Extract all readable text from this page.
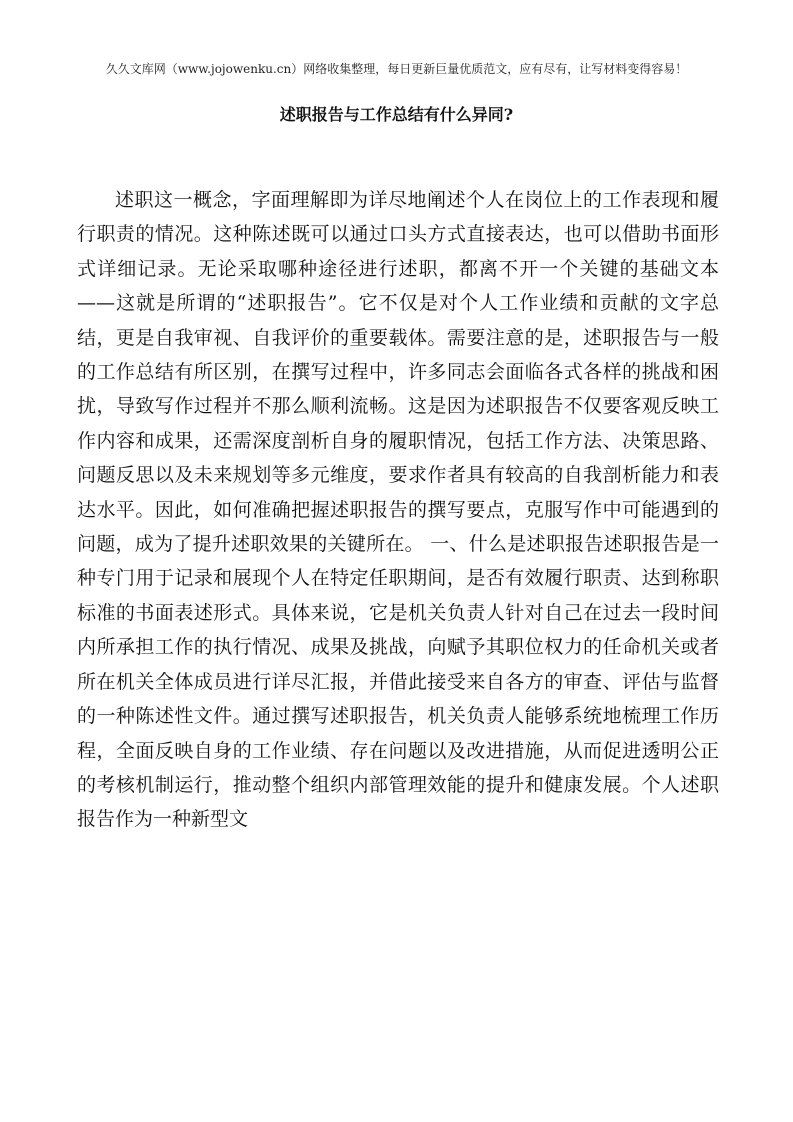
久久文库网（www.jojowenku.cn）网络收集整理，每日更新巨量优质范文，应有尽有，让写材料变得容易！
述职报告与工作总结有什么异同?

述职这一概念，字面理解即为详尽地阐述个人在岗位上的工作表现和履行职责的情况。这种陈述既可以通过口头方式直接表达，也可以借助书面形式详细记录。无论采取哪种途径进行述职，都离不开一个关键的基础文本——这就是所谓的“述职报告”。它不仅是对个人工作业绩和贡献的文字总结，更是自我审视、自我评价的重要载体。需要注意的是，述职报告与一般的工作总结有所区别，在撰写过程中，许多同志会面临各式各样的挑战和困扰，导致写作过程并不那么顺利流畅。这是因为述职报告不仅要客观反映工作内容和成果，还需深度剖析自身的履职情况，包括工作方法、决策思路、问题反思以及未来规划等多元维度，要求作者具有较高的自我剖析能力和表达水平。因此，如何准确把握述职报告的撰写要点，克服写作中可能遇到的问题，成为了提升述职效果的关键所在。 一、什么是述职报告述职报告是一种专门用于记录和展现个人在特定任职期间，是否有效履行职责、达到称职标准的书面表述形式。具体来说，它是机关负责人针对自己在过去一段时间内所承担工作的执行情况、成果及挑战，向赋予其职位权力的任命机关或者所在机关全体成员进行详尽汇报，并借此接受来自各方的审查、评估与监督的一种陈述性文件。通过撰写述职报告，机关负责人能够系统地梳理工作历程，全面反映自身的工作业绩、存在问题以及改进措施，从而促进透明公正的考核机制运行，推动整个组织内部管理效能的提升和健康发展。个人述职报告作为一种新型文
